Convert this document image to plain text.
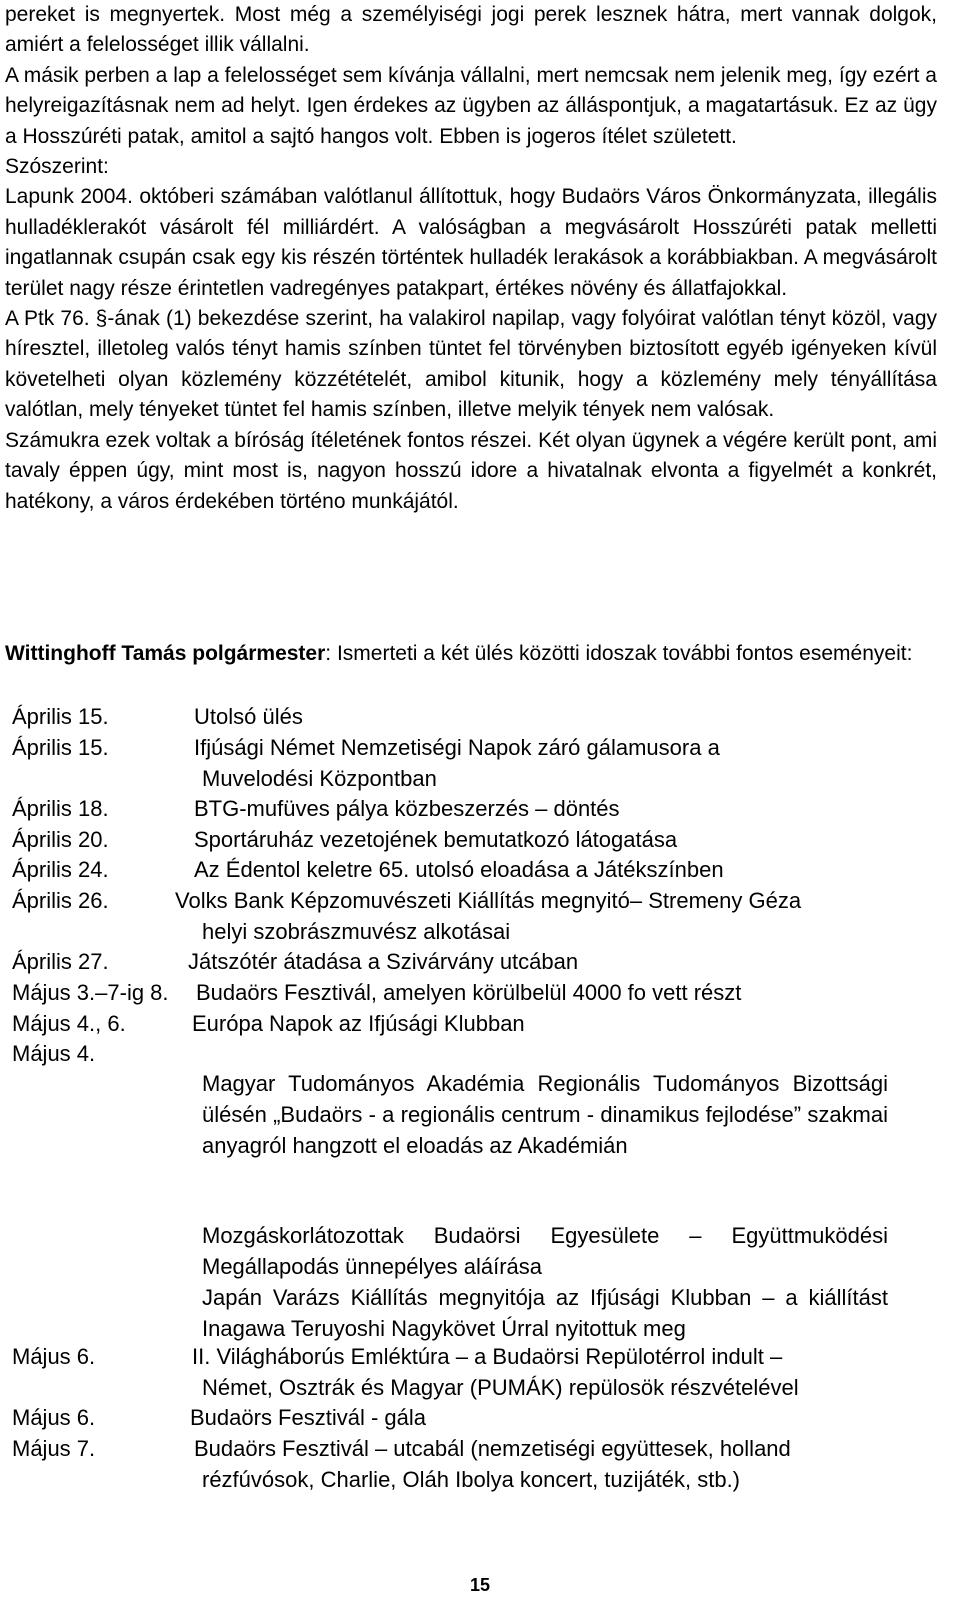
pereket is megnyertek. Most még a személyiségi jogi perek lesznek hátra, mert vannak dolgok, amiért a felelosséget illik vállalni.

A másik perben a lap a felelosséget sem kívánja vállalni, mert nemcsak nem jelenik meg, így ezért a helyreigazításnak nem ad helyt. Igen érdekes az ügyben az álláspontjuk, a magatartásuk. Ez az ügy a Hosszúréti patak, amitol a sajtó hangos volt. Ebben is jogeros ítélet született.

Szószerint:

Lapunk 2004. októberi számában valótlanul állítottuk, hogy Budaörs Város Önkormányzata, illegális hulladéklerakót vásárolt fél milliárdért. A valóságban a megvásárolt Hosszúréti patak melletti ingatlannak csupán csak egy kis részén történtek hulladék lerakások a korábbiakban. A megvásárolt terület nagy része érintetlen vadregényes patakpart, értékes növény és állatfajokkal.

A Ptk 76. §-ának (1) bekezdése szerint, ha valakirol napilap, vagy folyóirat valótlan tényt közöl, vagy híresztel, illetoleg valós tényt hamis színben tüntet fel törvényben biztosított egyéb igényeken kívül követelheti olyan közlemény közzétételét, amibol kitunik, hogy a közlemény mely tényállítása valótlan, mely tényeket tüntet fel hamis színben, illetve melyik tények nem valósak.

Számukra ezek voltak a bíróság ítéletének fontos részei. Két olyan ügynek a végére került pont, ami tavaly éppen úgy, mint most is, nagyon hosszú idore a hivatalnak elvonta a figyelmét a konkrét, hatékony, a város érdekében történo munkájától.

Wittinghoff Tamás polgármester: Ismerteti a két ülés közötti idoszak további fontos eseményeit:

Április 15.	Utolsó ülés
Április 15.	Ifjúsági Német Nemzetiségi Napok záró gálamusora a
Muvelodési Központban
Április 18.	BTG-mufüves pálya közbeszerzés – döntés
Április 20.	Sportáruház vezetojének bemutatkozó látogatása
Április 24.	Az Édentol keletre 65. utolsó eloadása a Játékszínben
Április 26.	Volks Bank Képzomuvészeti Kiállítás megnyitó– Stremeny Géza
helyi szobrászmuvész alkotásai
Április 27.	Játszótér átadása a Szivárvány utcában
Május 3.–7-ig 8. Budaörs Fesztivál, amelyen körülbelül 4000 fo vett részt
Május 4., 6.	Európa Napok az Ifjúsági Klubban
Május 4.

Magyar Tudományos Akadémia Regionális Tudományos Bizottsági ülésén „Budaörs - a regionális centrum - dinamikus fejlodése” szakmai anyagról hangzott el eloadás az Akadémián

Mozgáskorlátozottak Budaörsi Egyesülete – Együttmuködési Megállapodás ünnepélyes aláírása

Japán Varázs Kiállítás megnyitója az Ifjúsági Klubban – a kiállítást Inagawa Teruyoshi Nagykövet Úrral nyitottuk meg

Május 6.	II. Világháborús Emléktúra – a Budaörsi Repülotérrol indult –
Német, Osztrák és Magyar (PUMÁK) repülosök részvételével
Május 6.	Budaörs Fesztivál - gála
Május 7.	Budaörs Fesztivál – utcabál (nemzetiségi együttesek, holland
rézfúvósok, Charlie, Oláh Ibolya koncert, tuzijáték, stb.)
15
